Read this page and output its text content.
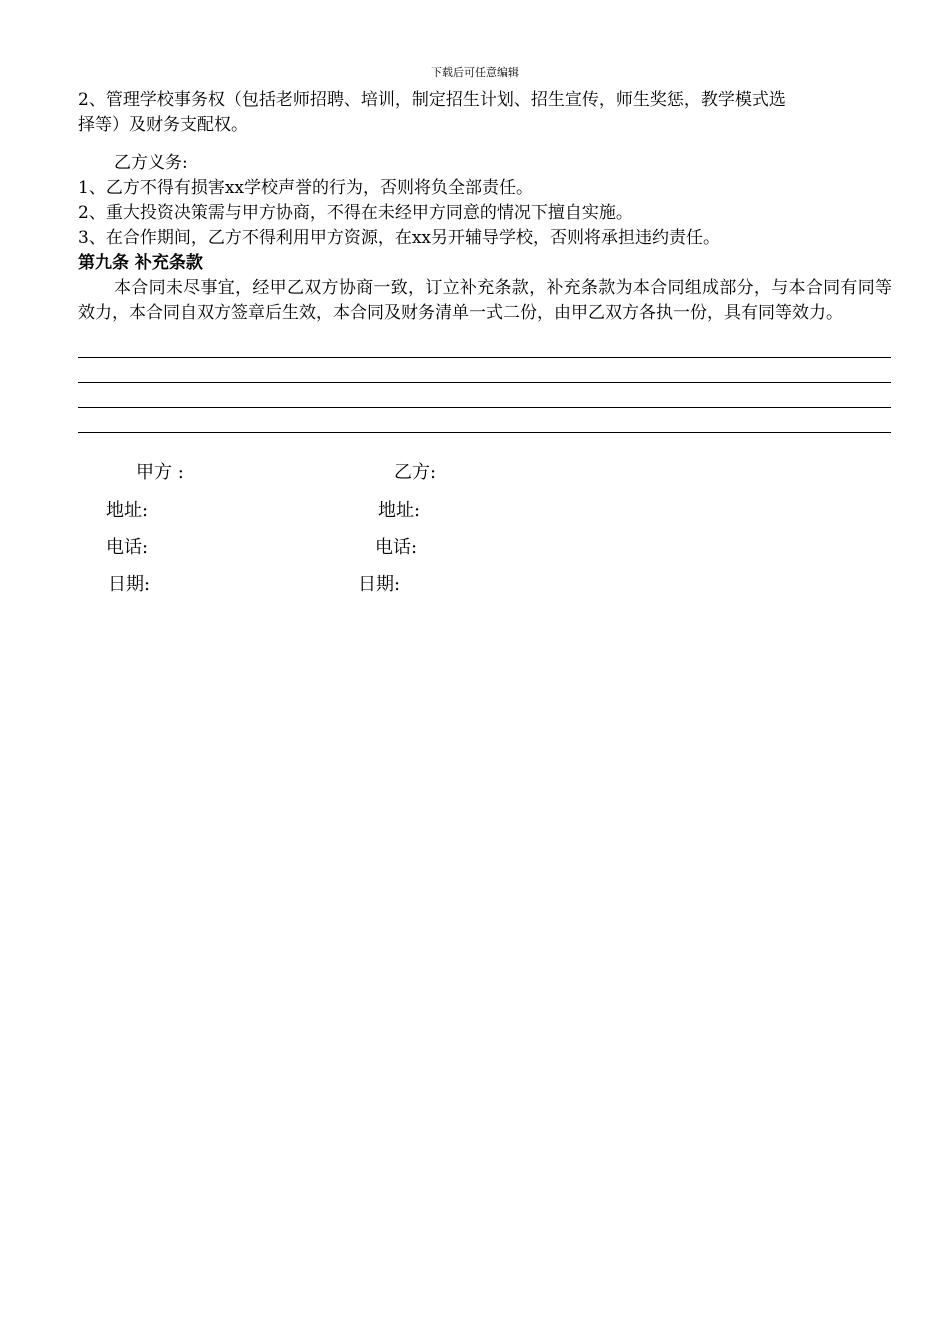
下载后可任意编辑

2、管理学校事务权（包括老师招聘、培训，制定招生计划、招生宣传，师生奖惩，教学模式选

择等）及财务支配权。

乙方义务:

1、乙方不得有损害xx学校声誉的行为，否则将负全部责任。

2、重大投资决策需与甲方协商，不得在未经甲方同意的情况下擅自实施。

3、在合作期间，乙方不得利用甲方资源，在xx另开辅导学校，否则将承担违约责任。

第九条 补充条款

本合同未尽事宜，经甲乙双方协商一致，订立补充条款，补充条款为本合同组成部分，与本合同有同等效力，本合同自双方签章后生效，本合同及财务清单一式二份，由甲乙双方各执一份，具有同等效力。

甲方 :	乙方:
地址:	地址:
电话:	电话:
日期:	日期:
